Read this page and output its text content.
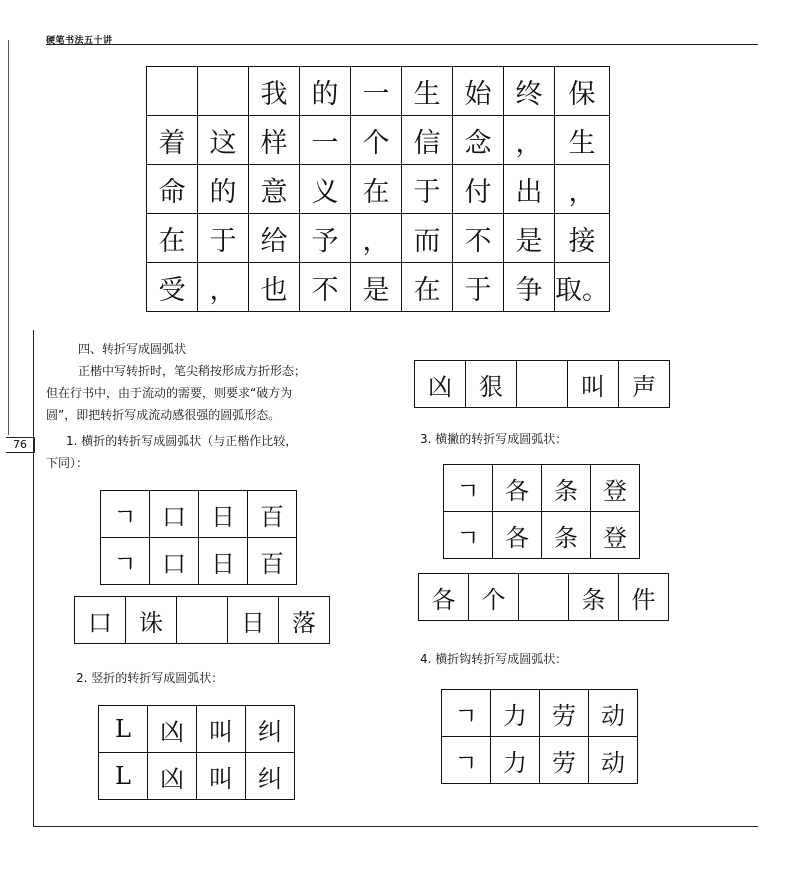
硬笔书法五十讲
76
		我	的	一	生	始	终	保
着	这	样	一	个	信	念	，	生
命	的	意	义	在	于	付	出	，
在	于	给	予	，	而	不	是	接
受	，	也	不	是	在	于	争	取。
四、转折写成圆弧状
正楷中写转折时，笔尖稍按形成方折形态；
但在行书中，由于流动的需要，则要求“破方为
圆”，即把转折写成流动感很强的圆弧形态。
1. 横折的转折写成圆弧状（与正楷作比较，
下同）：
ㄱ	口	日	百
ㄱ	口	日	百
口	诛		日	落
2. 竖折的转折写成圆弧状：
L	凶	叫	纠
L	凶	叫	纠
凶	狠		叫	声
3. 横撇的转折写成圆弧状：
ㄱ	各	条	登
ㄱ	各	条	登
各	个		条	件
4. 横折钩转折写成圆弧状：
ㄱ	力	劳	动
ㄱ	力	劳	动
